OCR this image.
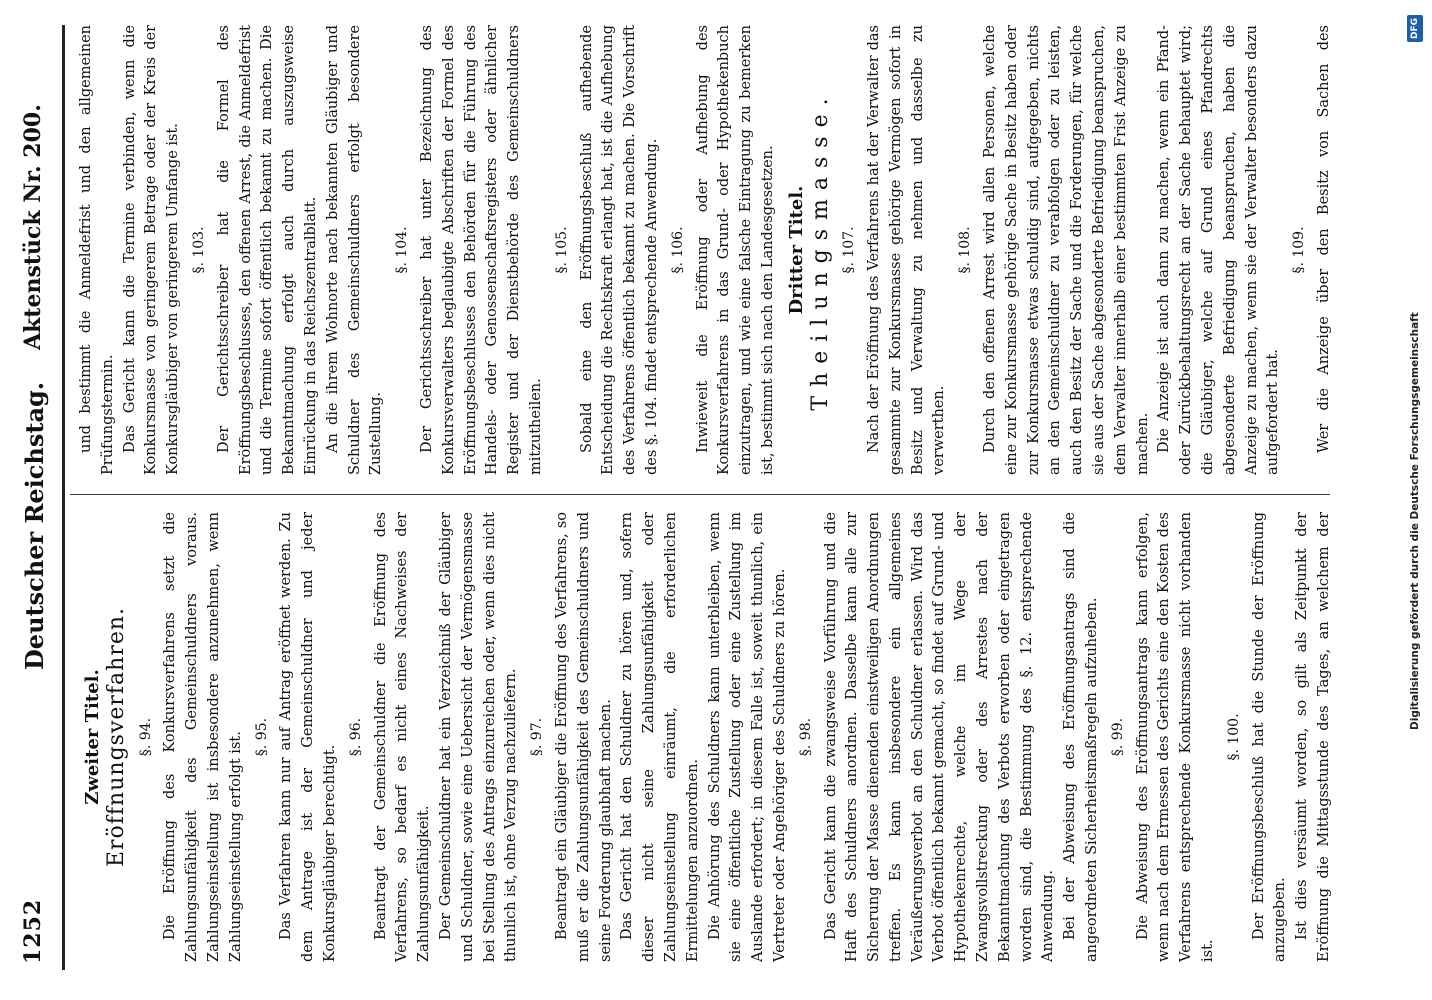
1252
Deutscher Reichstag.
Aktenstück Nr. 200.
Zweiter Titel. Eröffnungsverfahren. §. 94. Die Eröffnung des Konkursverfahrens setzt die Zahlungsunfähigkeit des Gemeinschuldners voraus. Zahlungseinstellung ist insbesondere anzunehmen, wenn Zahlungseinstellung erfolgt ist. §. 95. Das Verfahren kann nur auf Antrag eröffnet werden. Zu dem Antrage ist der Gemeinschuldner und jeder Konkursgläubiger berechtigt.

§. 96. Beantragt der Gemeinschuldner die Eröffnung des Verfahrens, so bedarf es nicht eines Nachweises der Zahlungsunfähigkeit. Der Gemeinschuldner hat ein Verzeichniß der Gläubiger und Schuldner, sowie eine Uebersicht der Vermögensmasse bei Stellung des Antrags einzureichen oder, wenn dies nicht thunlich ist, ohne Verzug nachzuliefern. §. 97. Beantragt ein Gläubiger die Eröffnung des Verfahrens, so muß er die Zahlungsunfähigkeit des Gemeinschuldners und seine Forderung glaubhaft machen. Das Gericht hat den Schuldner zu hören und, sofern dieser nicht seine Zahlungsunfähigkeit oder Zahlungseinstellung einräumt, die erforderlichen Ermittelungen anzuordnen. Die Anhörung des Schuldners kann unterbleiben, wenn sie eine öffentliche Zustellung oder eine Zustellung im Auslande erfordert; in diesem Falle ist, soweit thunlich, ein Vertreter oder Angehöriger des Schuldners zu hören. §. 98. Das Gericht kann die zwangsweise Vorführung und die Haft des Schuldners anordnen. Dasselbe kann alle zur Sicherung der Masse dienenden einstweiligen Anordnungen treffen. Es kann insbesondere ein allgemeines Veräußerungsverbot an den Schuldner erlassen. Wird das Verbot öffentlich bekannt gemacht, so findet auf Grund- und Hypothekenrechte, welche im Wege der Zwangsvollstreckung oder des Arrestes nach der Bekanntmachung des Verbots erworben oder eingetragen worden sind, die Bestimmung des §. 12. entsprechende Anwendung. Bei der Abweisung des Eröffnungsantrags sind die angeordneten Sicherheitsmaßregeln aufzuheben. §. 99. Die Abweisung des Eröffnungsantrags kann erfolgen, wenn nach dem Ermessen des Gerichts eine den Kosten des Verfahrens entsprechende Konkursmasse nicht vorhanden ist.

§. 100. Der Eröffnungsbeschluß hat die Stunde der Eröffnung anzugeben. Ist dies versäumt worden, so gilt als Zeitpunkt der Eröffnung die Mittagsstunde des Tages, an welchem der

und bestimmt die Anmeldefrist und den allgemeinen Prüfungstermin. Das Gericht kann die Termine verbinden, wenn die Konkursmasse von geringerem Betrage oder der Kreis der Konkursgläubiger von geringerem Umfange ist. §. 103. Der Gerichtsschreiber hat die Formel des Eröffnungsbeschlusses, den offenen Arrest, die Anmeldefrist und die Termine sofort öffentlich bekannt zu machen. Die Bekanntmachung erfolgt auch durch auszugsweise Einrückung in das Reichszentralblatt. An die ihrem Wohnorte nach bekannten Gläubiger und Schuldner des Gemeinschuldners erfolgt besondere Zustellung.

§. 104. Der Gerichtsschreiber hat unter Bezeichnung des Konkursverwalters beglaubigte Abschriften der Formel des Eröffnungsbeschlusses den Behörden für die Führung des Handels- oder Genossenschaftsregisters oder ähnlicher Register und der Dienstbehörde des Gemeinschuldners mitzutheilen.

§. 105. Sobald eine den Eröffnungsbeschluß aufhebende Entscheidung die Rechtskraft erlangt hat, ist die Aufhebung des Verfahrens öffentlich bekannt zu machen. Die Vorschrift des §. 104. findet entsprechende Anwendung. §. 106. Inwieweit die Eröffnung oder Aufhebung des Konkursverfahrens in das Grund- oder Hypothekenbuch einzutragen, und wie eine falsche Eintragung zu bemerken ist, bestimmt sich nach den Landesgesetzen. Dritter Titel. Theilungsmasse. §. 107. Nach der Eröffnung des Verfahrens hat der Verwalter das gesammte zur Konkursmasse gehörige Vermögen sofort in Besitz und Verwaltung zu nehmen und dasselbe zu verwerthen.

§. 108. Durch den offenen Arrest wird allen Personen, welche eine zur Konkursmasse gehörige Sache in Besitz haben oder zur Konkursmasse etwas schuldig sind, aufgegeben, nichts an den Gemeinschuldner zu verabfolgen oder zu leisten, auch den Besitz der Sache und die Forderungen, für welche sie aus der Sache abgesonderte Befriedigung beanspruchen, dem Verwalter innerhalb einer bestimmten Frist Anzeige zu machen. Die Anzeige ist auch dann zu machen, wenn ein Pfand- oder Zurückbehaltungsrecht an der Sache behauptet wird; die Gläubiger, welche auf Grund eines Pfandrechts abgesonderte Befriedigung beanspruchen, haben die Anzeige zu machen, wenn sie der Verwalter besonders dazu aufgefordert hat.

§. 109.

Wer die Anzeige über den Besitz von Sachen des

Digitalisierung gefördert durch die Deutsche Forschungsgemeinschaft
DFG
